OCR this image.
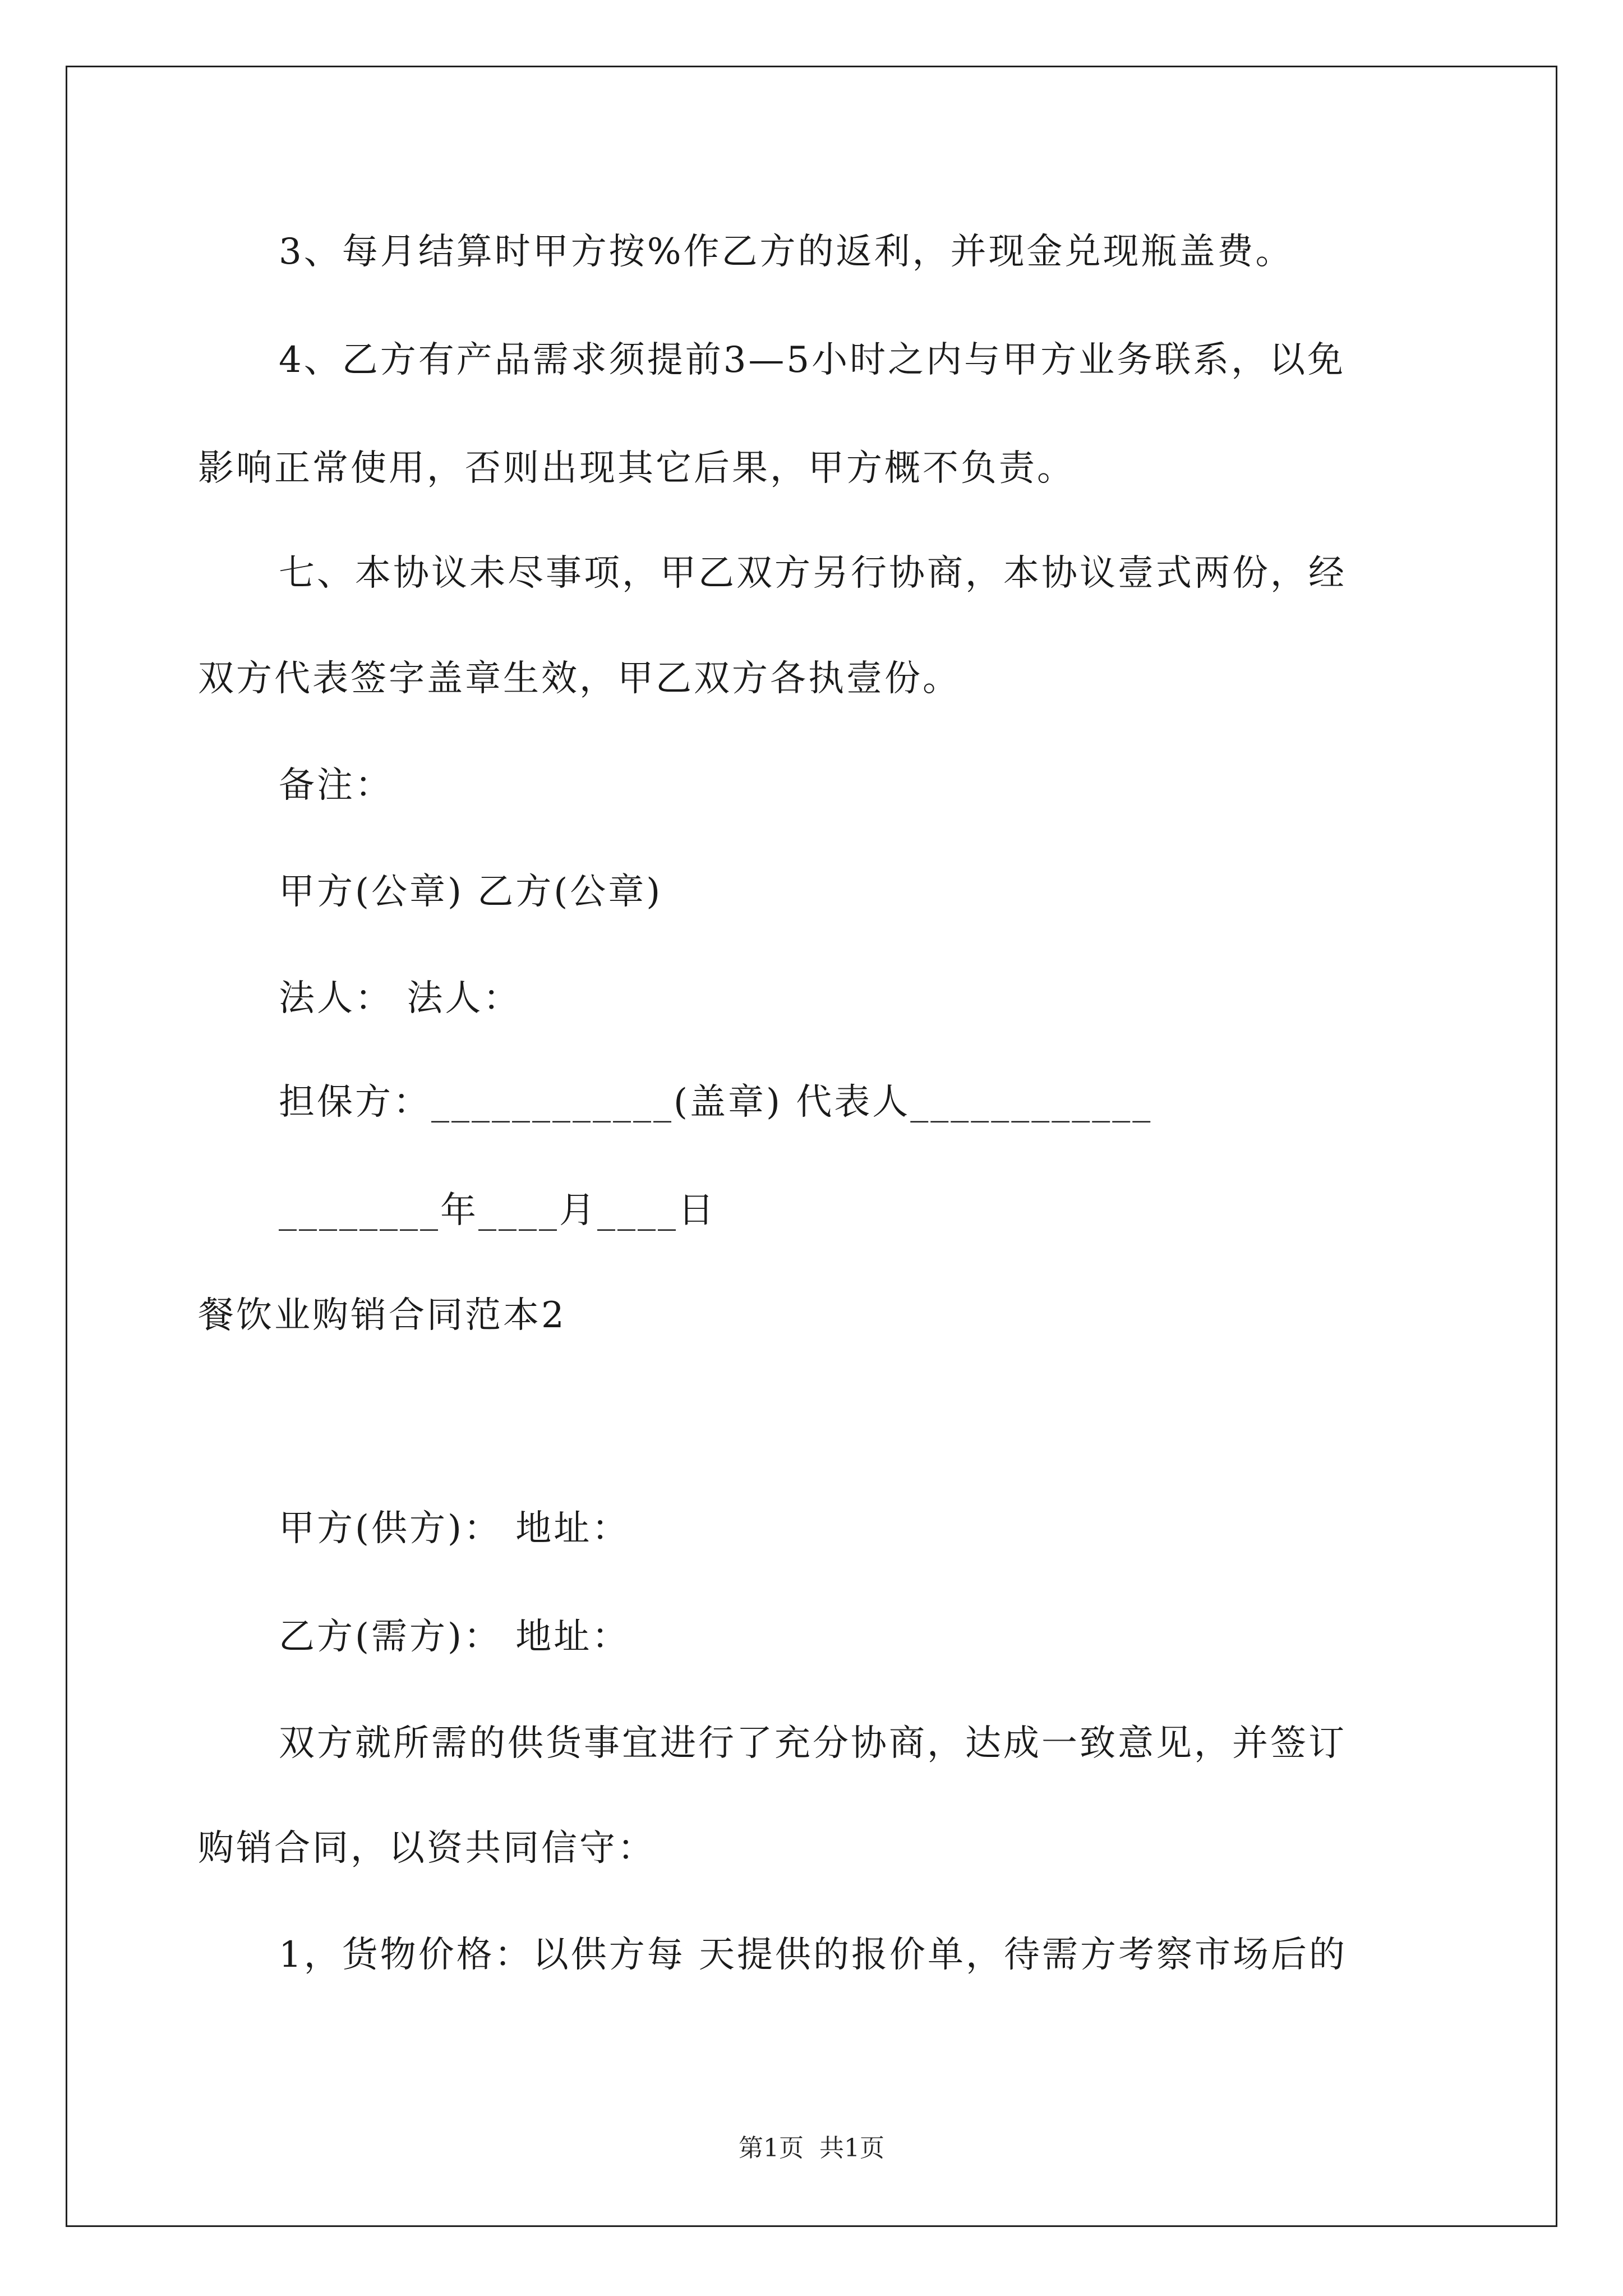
3、每月结算时甲方按%作乙方的返利，并现金兑现瓶盖费。
4、乙方有产品需求须提前3—5小时之内与甲方业务联系，以免
影响正常使用，否则出现其它后果，甲方概不负责。
七、本协议未尽事项，甲乙双方另行协商，本协议壹式两份，经
双方代表签字盖章生效，甲乙双方各执壹份。
备注：
甲方(公章) 乙方(公章)
法人： 法人：
担保方：____________(盖章) 代表人____________
________年____月____日
餐饮业购销合同范本2
甲方(供方)： 地址：
乙方(需方)： 地址：
双方就所需的供货事宜进行了充分协商，达成一致意见，并签订
购销合同，以资共同信守：
1，货物价格：以供方每 天提供的报价单，待需方考察市场后的
第1页  共1页
